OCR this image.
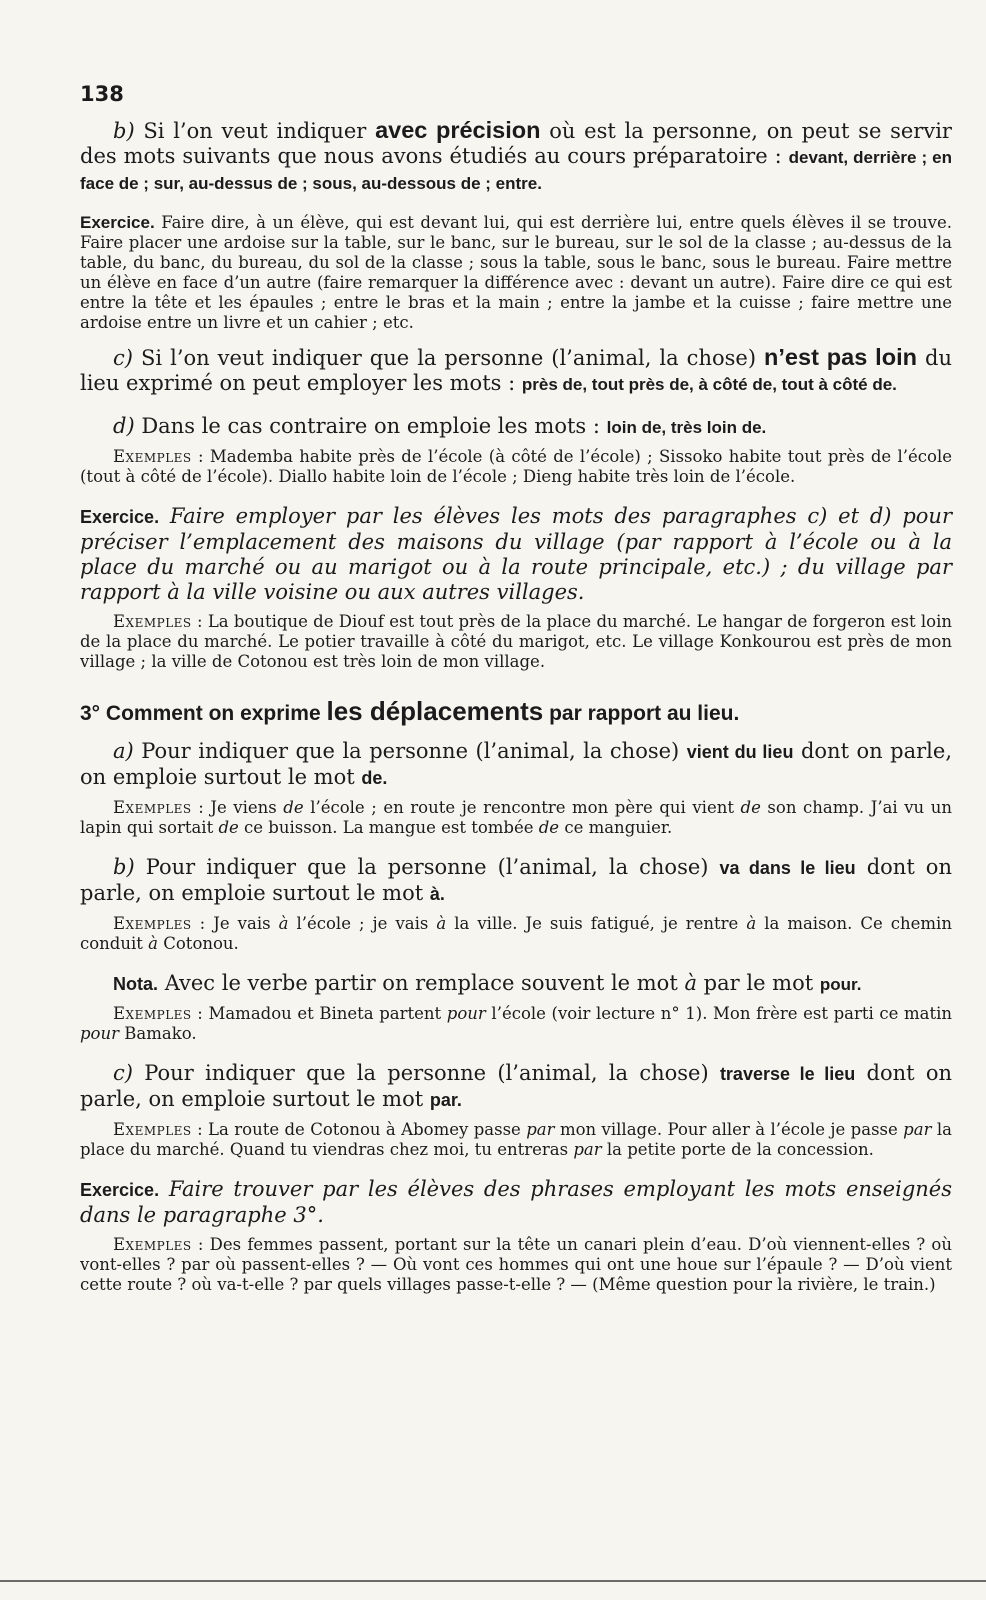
138

b) Si l’on veut indiquer avec précision où est la personne, on peut se servir des mots suivants que nous avons étudiés au cours préparatoire : devant, derrière ; en face de ; sur, au-dessus de ; sous, au-dessous de ; entre.

Exercice. Faire dire, à un élève, qui est devant lui, qui est derrière lui, entre quels élèves il se trouve. Faire placer une ardoise sur la table, sur le banc, sur le bureau, sur le sol de la classe ; au-dessus de la table, du banc, du bureau, du sol de la classe ; sous la table, sous le banc, sous le bureau. Faire mettre un élève en face d’un autre (faire remarquer la différence avec : devant un autre). Faire dire ce qui est entre la tête et les épaules ; entre le bras et la main ; entre la jambe et la cuisse ; faire mettre une ardoise entre un livre et un cahier ; etc.

c) Si l’on veut indiquer que la personne (l’animal, la chose) n’est pas loin du lieu exprimé on peut employer les mots : près de, tout près de, à côté de, tout à côté de.

d) Dans le cas contraire on emploie les mots : loin de, très loin de.

Exemples : Mademba habite près de l’école (à côté de l’école) ; Sissoko habite tout près de l’école (tout à côté de l’école). Diallo habite loin de l’école ; Dieng habite très loin de l’école.

Exercice. Faire employer par les élèves les mots des paragraphes c) et d) pour préciser l’emplacement des maisons du village (par rapport à l’école ou à la place du marché ou au marigot ou à la route principale, etc.) ; du village par rapport à la ville voisine ou aux autres villages.

Exemples : La boutique de Diouf est tout près de la place du marché. Le hangar de forgeron est loin de la place du marché. Le potier travaille à côté du marigot, etc. Le village Konkourou est près de mon village ; la ville de Cotonou est très loin de mon village.

3° Comment on exprime les déplacements par rapport au lieu.

a) Pour indiquer que la personne (l’animal, la chose) vient du lieu dont on parle, on emploie surtout le mot de.

Exemples : Je viens de l’école ; en route je rencontre mon père qui vient de son champ. J’ai vu un lapin qui sortait de ce buisson. La mangue est tombée de ce manguier.

b) Pour indiquer que la personne (l’animal, la chose) va dans le lieu dont on parle, on emploie surtout le mot à.

Exemples : Je vais à l’école ; je vais à la ville. Je suis fatigué, je rentre à la maison. Ce chemin conduit à Cotonou.

Nota. Avec le verbe partir on remplace souvent le mot à par le mot pour.

Exemples : Mamadou et Bineta partent pour l’école (voir lecture n° 1). Mon frère est parti ce matin pour Bamako.

c) Pour indiquer que la personne (l’animal, la chose) traverse le lieu dont on parle, on emploie surtout le mot par.

Exemples : La route de Cotonou à Abomey passe par mon village. Pour aller à l’école je passe par la place du marché. Quand tu viendras chez moi, tu entreras par la petite porte de la concession.

Exercice. Faire trouver par les élèves des phrases employant les mots enseignés dans le paragraphe 3°.

Exemples : Des femmes passent, portant sur la tête un canari plein d’eau. D’où viennent-elles ? où vont-elles ? par où passent-elles ? — Où vont ces hommes qui ont une houe sur l’épaule ? — D’où vient cette route ? où va-t-elle ? par quels villages passe-t-elle ? — (Même question pour la rivière, le train.)
